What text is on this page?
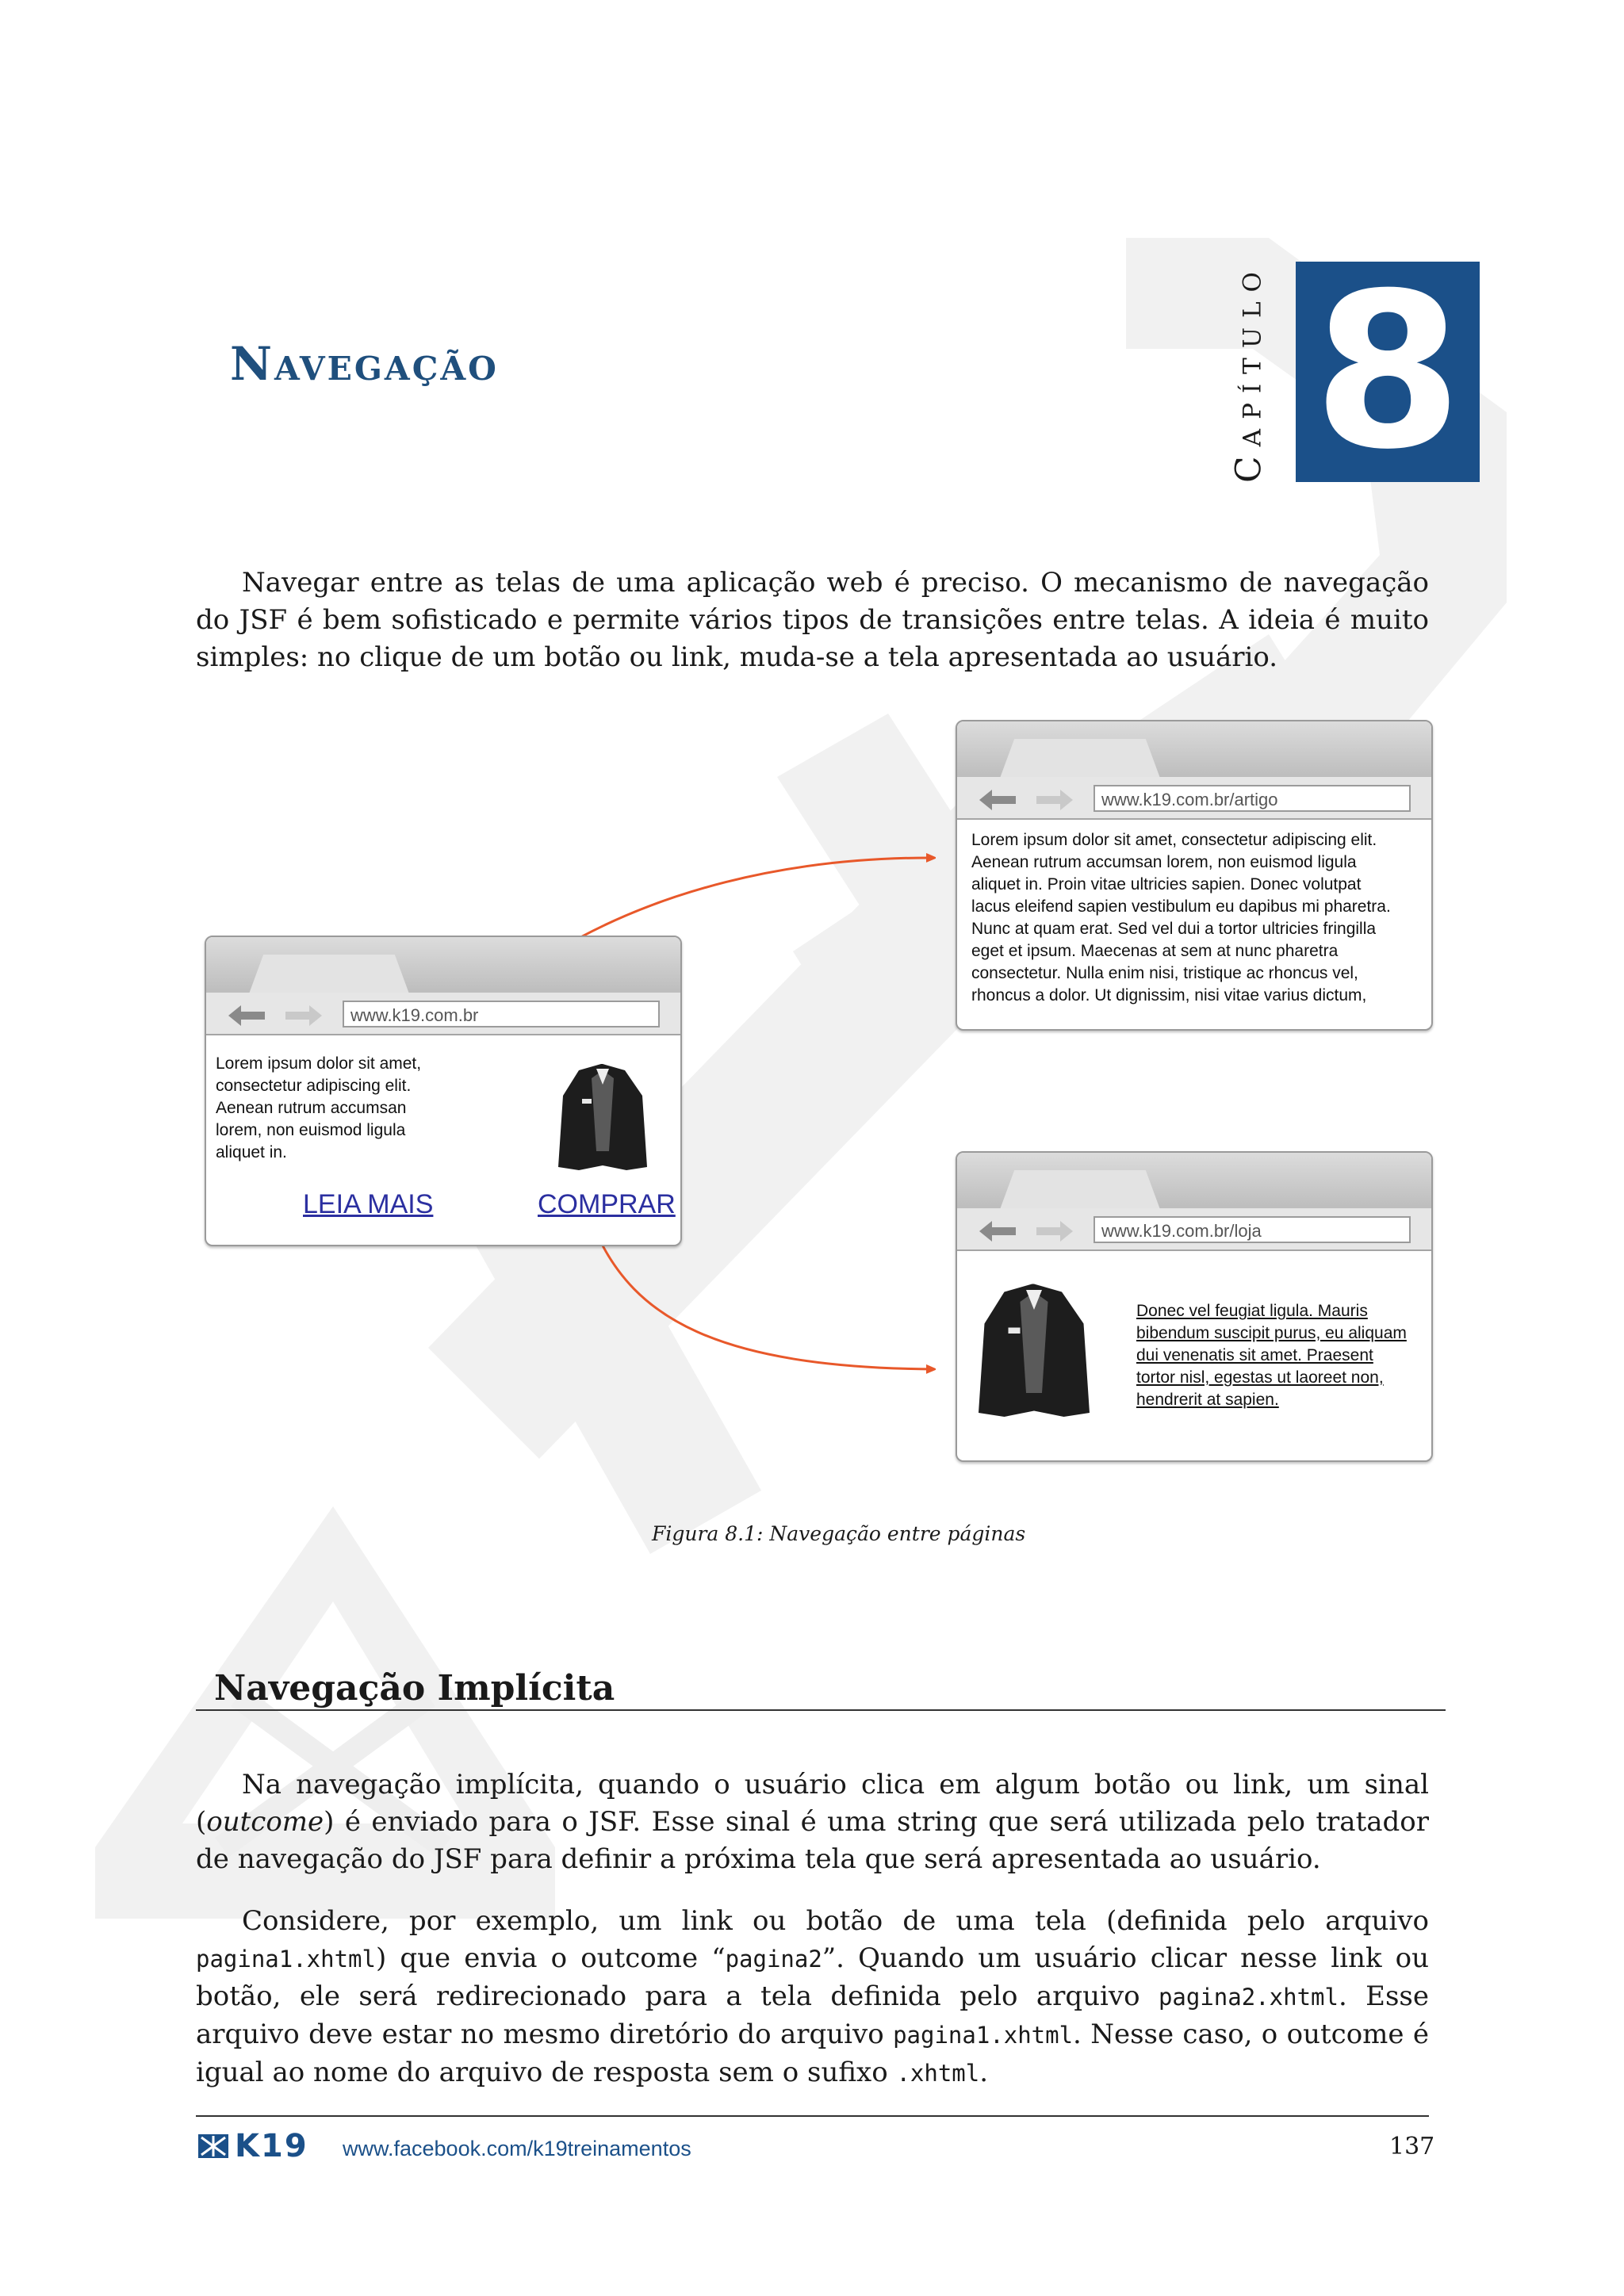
Navegação	Capítulo 8
Navegar entre as telas de uma aplicação web é preciso. O mecanismo de navegação do JSF é bem sofisticado e permite vários tipos de transições entre telas. A ideia é muito simples: no clique de um botão ou link, muda-se a tela apresentada ao usuário.
www.k19.com.br
Lorem ipsum dolor sit amet,
consectetur adipiscing elit.
Aenean rutrum accumsan
lorem, non euismod ligula
aliquet in.
LEIA MAIS	COMPRAR
www.k19.com.br/artigo
Lorem ipsum dolor sit amet, consectetur adipiscing elit.
Aenean rutrum accumsan lorem, non euismod ligula
aliquet in. Proin vitae ultricies sapien. Donec volutpat
lacus eleifend sapien vestibulum eu dapibus mi pharetra.
Nunc at quam erat. Sed vel dui a tortor ultricies fringilla
eget et ipsum. Maecenas at sem at nunc pharetra
consectetur. Nulla enim nisi, tristique ac rhoncus vel,
rhoncus a dolor. Ut dignissim, nisi vitae varius dictum,
www.k19.com.br/loja
Donec vel feugiat ligula. Mauris
bibendum suscipit purus, eu aliquam
dui venenatis sit amet. Praesent
tortor nisl, egestas ut laoreet non,
hendrerit at sapien.
Figura 8.1: Navegação entre páginas
Navegação Implícita
Na navegação implícita, quando o usuário clica em algum botão ou link, um sinal (outcome) é enviado para o JSF. Esse sinal é uma string que será utilizada pelo tratador de navegação do JSF para definir a próxima tela que será apresentada ao usuário.
Considere, por exemplo, um link ou botão de uma tela (definida pelo arquivo pagina1.xhtml) que envia o outcome “pagina2”. Quando um usuário clicar nesse link ou botão, ele será redirecionado para a tela definida pelo arquivo pagina2.xhtml. Esse arquivo deve estar no mesmo diretório do arquivo pagina1.xhtml. Nesse caso, o outcome é igual ao nome do arquivo de resposta sem o sufixo .xhtml.
K19 www.facebook.com/k19treinamentos	137
